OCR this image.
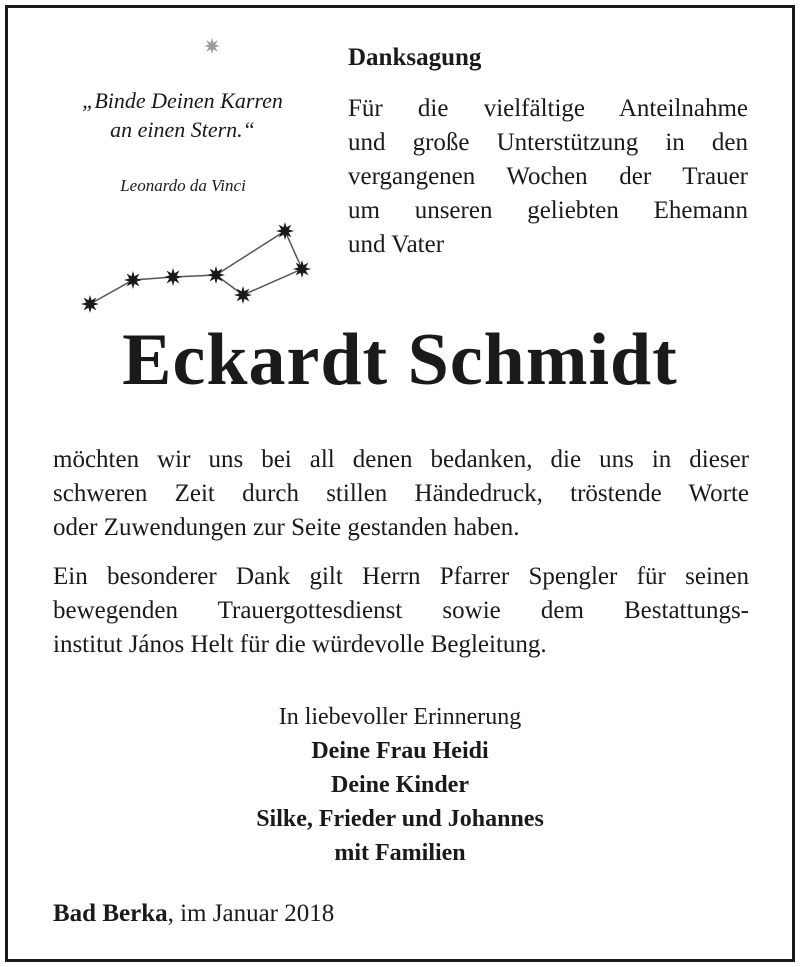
„Binde Deinen Karren
an einen Stern.“
Leonardo da Vinci
Danksagung
Für die vielfältige Anteilnahme
und große Unterstützung in den
vergangenen Wochen der Trauer
um unseren geliebten Ehemann
und Vater
Eckardt Schmidt
möchten wir uns bei all denen bedanken, die uns in dieser
schweren Zeit durch stillen Händedruck, tröstende Worte
oder Zuwendungen zur Seite gestanden haben.
Ein besonderer Dank gilt Herrn Pfarrer Spengler für seinen
bewegenden Trauergottesdienst sowie dem Bestattungs-
institut János Helt für die würdevolle Begleitung.
In liebevoller Erinnerung
Deine Frau Heidi
Deine Kinder
Silke, Frieder und Johannes
mit Familien
Bad Berka, im Januar 2018
